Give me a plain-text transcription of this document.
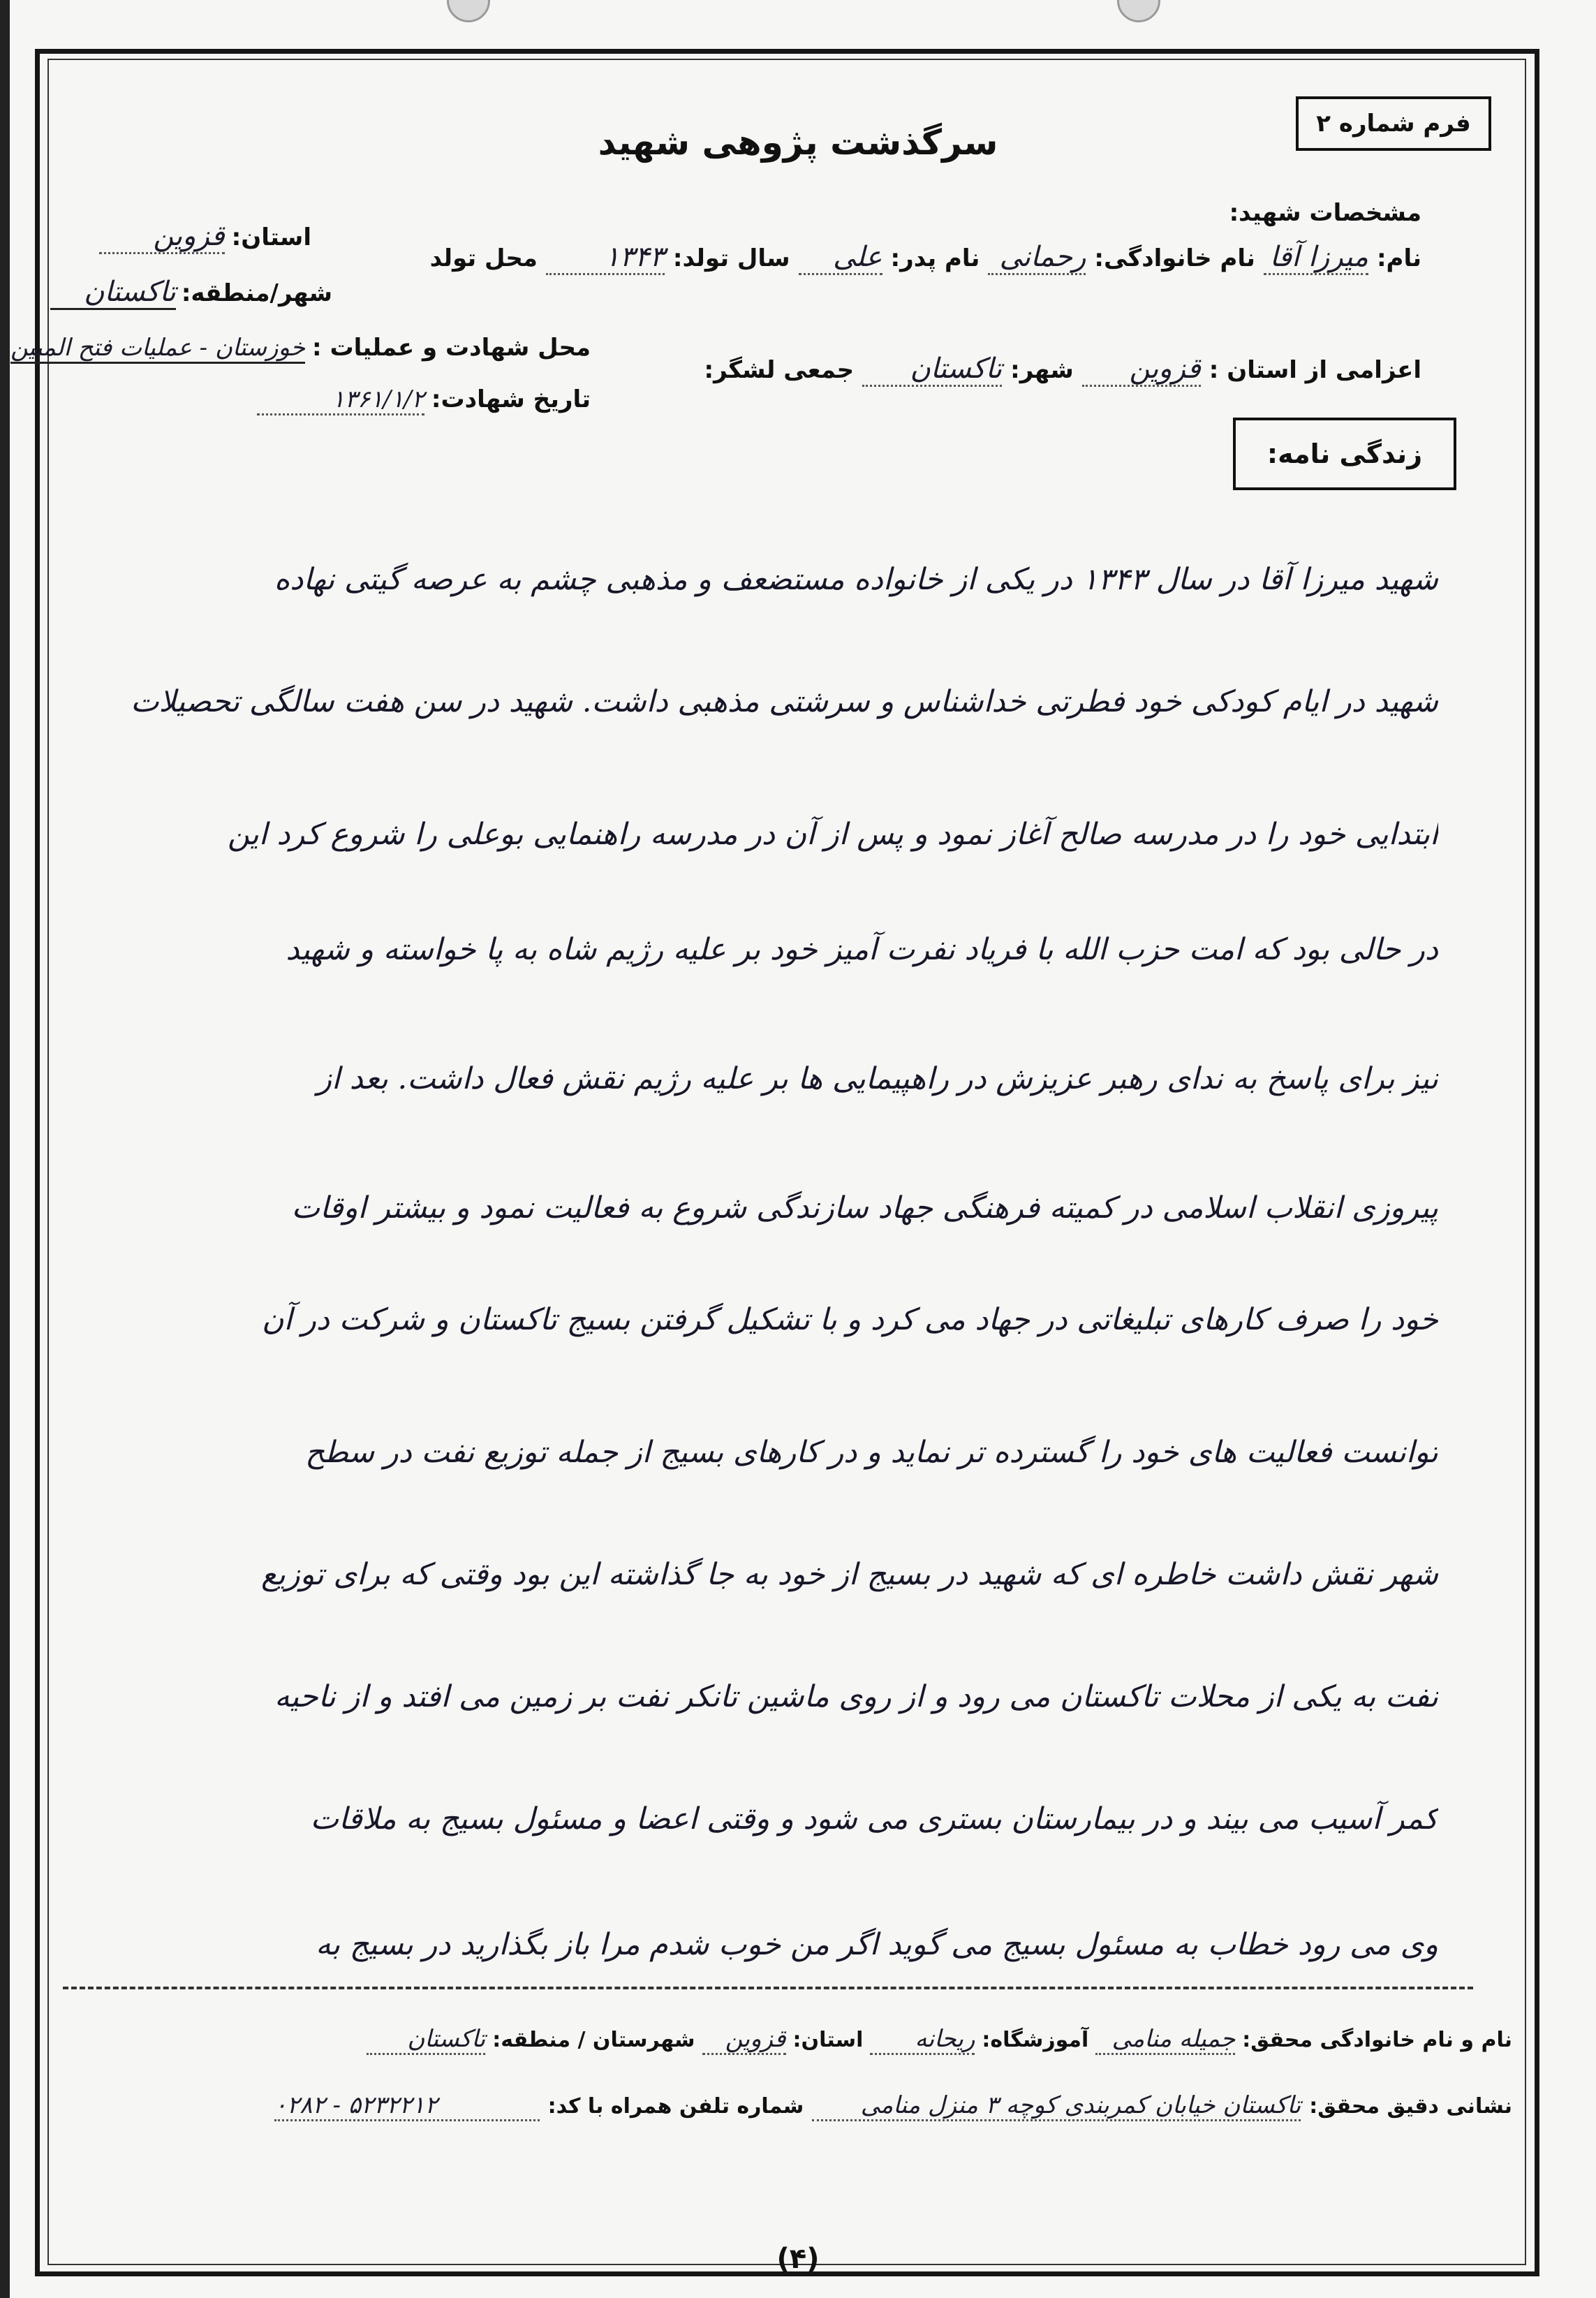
فرم شماره ۲
سرگذشت پژوهی شهید
مشخصات شهید:
نام:
میرزا آقا
نام خانوادگی:
رحمانی
نام پدر:
علی
سال تولد:
۱۳۴۳
محل تولد
استان:
قزوین
شهر/منطقه:
تاکستان
محل شهادت و عملیات :
خوزستان - عملیات فتح المبین
تاریخ شهادت:
۱۳۶۱/۱/۲
اعزامی از استان :
قزوین
شهر:
تاکستان
جمعی لشگر:
زندگی نامه:
شهید میرزا آقا در سال ۱۳۴۳ در یکی از خانواده مستضعف و مذهبی چشم به عرصه گیتی نهاده
شهید در ایام کودکی خود فطرتی خداشناس و سرشتی مذهبی داشت. شهید در سن هفت سالگی تحصیلات
ابتدایی خود را در مدرسه صالح آغاز نمود و پس از آن در مدرسه راهنمایی بوعلی را شروع کرد این
در حالی بود که امت حزب الله با فریاد نفرت آمیز خود بر علیه رژیم شاه به پا خواسته و شهید
نیز برای پاسخ به ندای رهبر عزیزش در راهپیمایی ها بر علیه رژیم نقش فعال داشت. بعد از
پیروزی انقلاب اسلامی در کمیته فرهنگی جهاد سازندگی شروع به فعالیت نمود و بیشتر اوقات
خود را صرف کارهای تبلیغاتی در جهاد می کرد و با تشکیل گرفتن بسیج تاکستان و شرکت در آن
توانست فعالیت های خود را گسترده تر نماید و در کارهای بسیج از جمله توزیع نفت در سطح
شهر نقش داشت خاطره ای که شهید در بسیج از خود به جا گذاشته این بود وقتی که برای توزیع
نفت به یکی از محلات تاکستان می رود و از روی ماشین تانکر نفت بر زمین می افتد و از ناحیه
کمر آسیب می بیند و در بیمارستان بستری می شود و وقتی اعضا و مسئول بسیج به ملاقات
وی می رود خطاب به مسئول بسیج می گوید اگر من خوب شدم مرا باز بگذارید در بسیج به
نام و نام خانوادگی محقق:
جمیله منامی
آموزشگاه:
ریحانه
استان:
قزوین
شهرستان / منطقه:
تاکستان
نشانی دقیق محقق:
تاکستان خیابان کمربندی کوچه ۳ منزل منامی
شماره تلفن همراه با کد:
۰۲۸۲ - ۵۲۳۲۲۱۲
(۴)
